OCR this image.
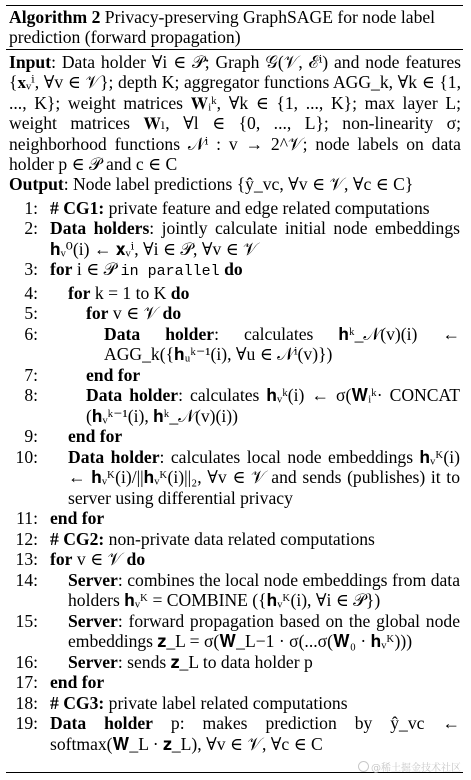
Algorithm 2 Privacy-preserving GraphSAGE for node label prediction (forward propagation)
Input: Data holder ∀i ∈ 𝒫; Graph 𝒢(𝒱, ℰⁱ) and node features {𝐱ᵥⁱ, ∀v ∈ 𝒱}; depth K; aggregator functions AGG_k, ∀k ∈ {1, ..., K}; weight matrices 𝐖ᵢᵏ, ∀k ∈ {1, ..., K}; max layer L; weight matrices 𝐖ₗ, ∀l ∈ {0, ..., L}; non-linearity σ; neighborhood functions 𝒩ⁱ : v → 2^𝒱; node labels on data holder p ∈ 𝒫 and c ∈ C
Output: Node label predictions {ŷ_vc, ∀v ∈ 𝒱, ∀c ∈ C}
1: # CG1: private feature and edge related computations
2: Data holders: jointly calculate initial node embeddings 𝐡ᵥ⁰(i) ← 𝐱ᵥⁱ, ∀i ∈ 𝒫, ∀v ∈ 𝒱
3: for i ∈ 𝒫 in parallel do
4: for k = 1 to K do
5:	for v ∈ 𝒱 do
6:	Data holder: calculates 𝐡ᵏ_𝒩(v)(i) ← AGG_k({𝐡ᵤᵏ⁻¹(i), ∀u ∈ 𝒩ⁱ(v)})
7:	end for
8:	Data holder: calculates 𝐡ᵥᵏ(i) ← σ(𝐖ᵢᵏ· CONCAT (𝐡ᵥᵏ⁻¹(i), 𝐡ᵏ_𝒩(v)(i))
9: end for
10: Data holder: calculates local node embeddings 𝐡ᵥᴷ(i) ← 𝐡ᵥᴷ(i)/||𝐡ᵥᴷ(i)||₂, ∀v ∈ 𝒱 and sends (publishes) it to server using differential privacy
11: end for
12: # CG2: non-private data related computations
13: for v ∈ 𝒱 do
14: Server: combines the local node embeddings from data holders 𝐡ᵥᴷ = COMBINE ({𝐡ᵥᴷ(i), ∀i ∈ 𝒫})
15: Server: forward propagation based on the global node embeddings 𝐳_L = σ(𝐖_L−1 · σ(...σ(𝐖₀ · 𝐡ᵥᴷ)))
16: Server: sends 𝐳_L to data holder p
17: end for
18: # CG3: private label related computations
19: Data holder p: makes prediction by ŷ_vc ← softmax(𝐖_L · 𝐳_L), ∀v ∈ 𝒱, ∀c ∈ C
@稀土掘金技术社区
